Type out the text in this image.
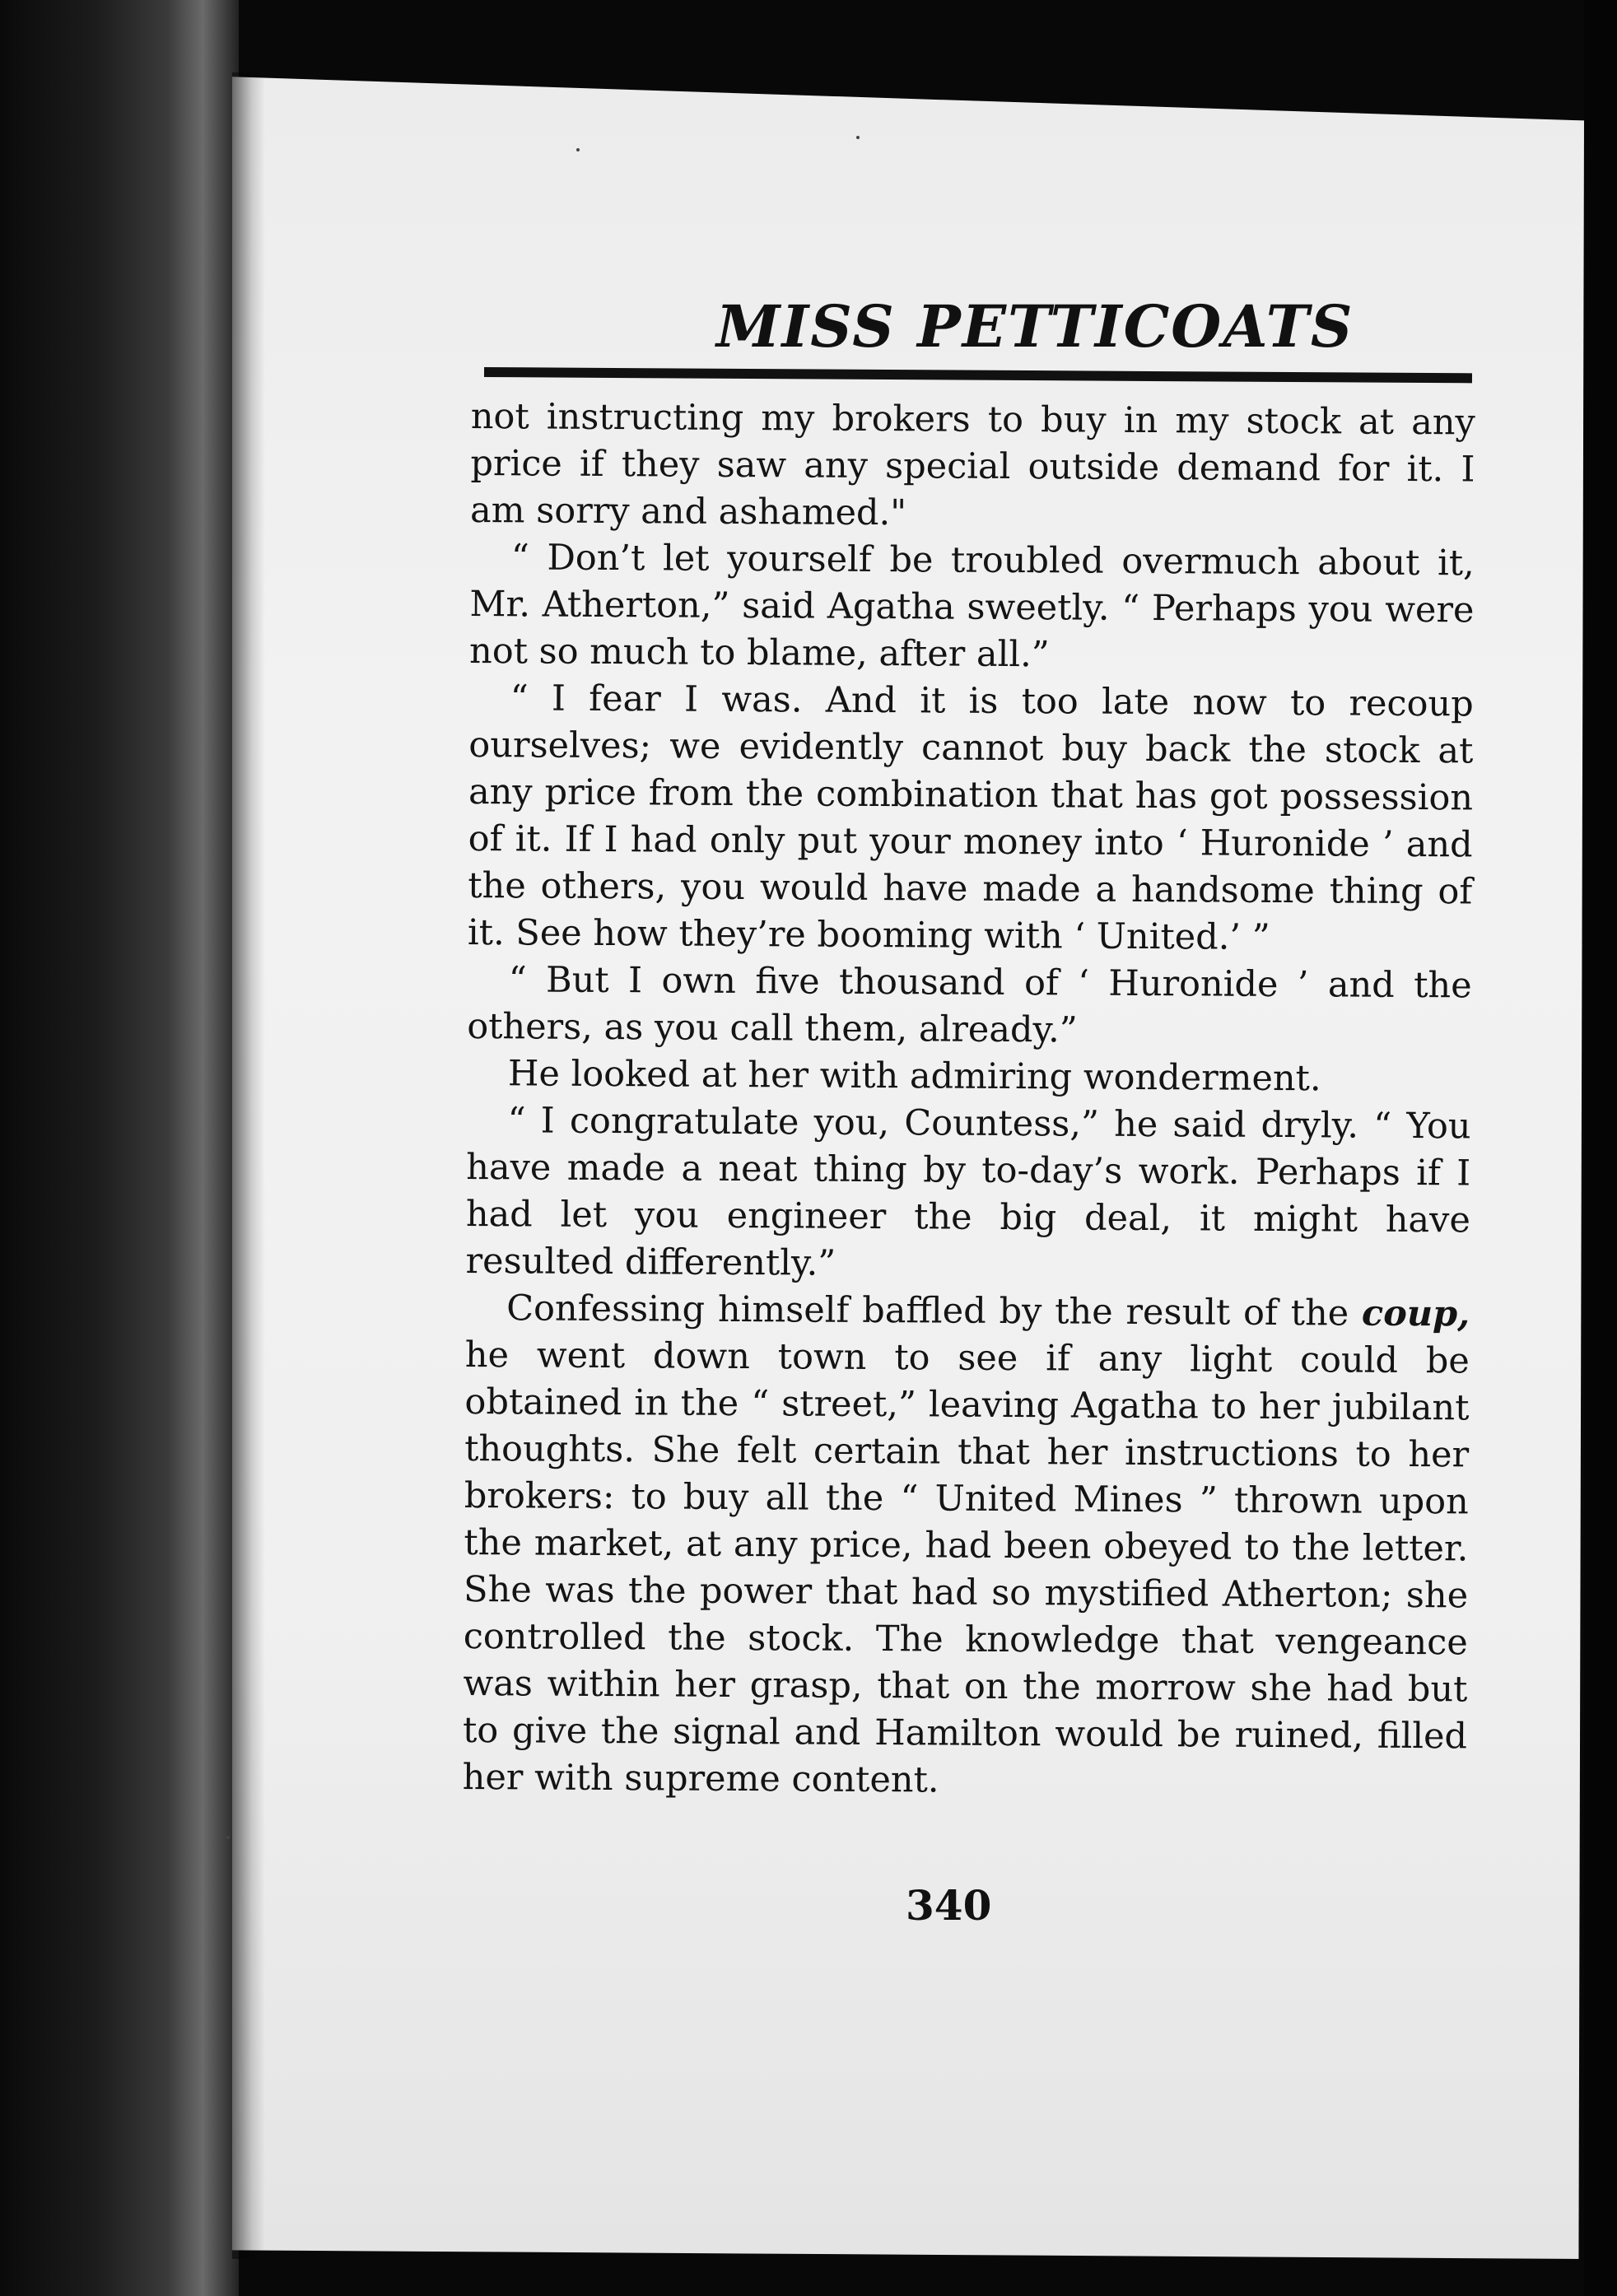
MISS PETTICOATS

not instructing my brokers to buy in my stock at any price if they saw any special outside demand for it. I am sorry and ashamed."

“ Don’t let yourself be troubled overmuch about it, Mr. Atherton,” said Agatha sweetly. “ Perhaps you were not so much to blame, after all.”

“ I fear I was. And it is too late now to recoup ourselves; we evidently cannot buy back the stock at any price from the combination that has got possession of it. If I had only put your money into ‘ Huronide ’ and the others, you would have made a handsome thing of it. See how they’re booming with ‘ United.’ ”

“ But I own five thousand of ‘ Huronide ’ and the others, as you call them, already.”

He looked at her with admiring wonderment.

“ I congratulate you, Countess,” he said dryly. “ You have made a neat thing by to-day’s work. Perhaps if I had let you engineer the big deal, it might have resulted differently.”

Confessing himself baffled by the result of the coup, he went down town to see if any light could be obtained in the “ street,” leaving Agatha to her jubilant thoughts. She felt certain that her instructions to her brokers: to buy all the “ United Mines ” thrown upon the market, at any price, had been obeyed to the letter. She was the power that had so mystified Atherton; she controlled the stock. The knowledge that vengeance was within her grasp, that on the morrow she had but to give the signal and Hamilton would be ruined, filled her with supreme content.

340
